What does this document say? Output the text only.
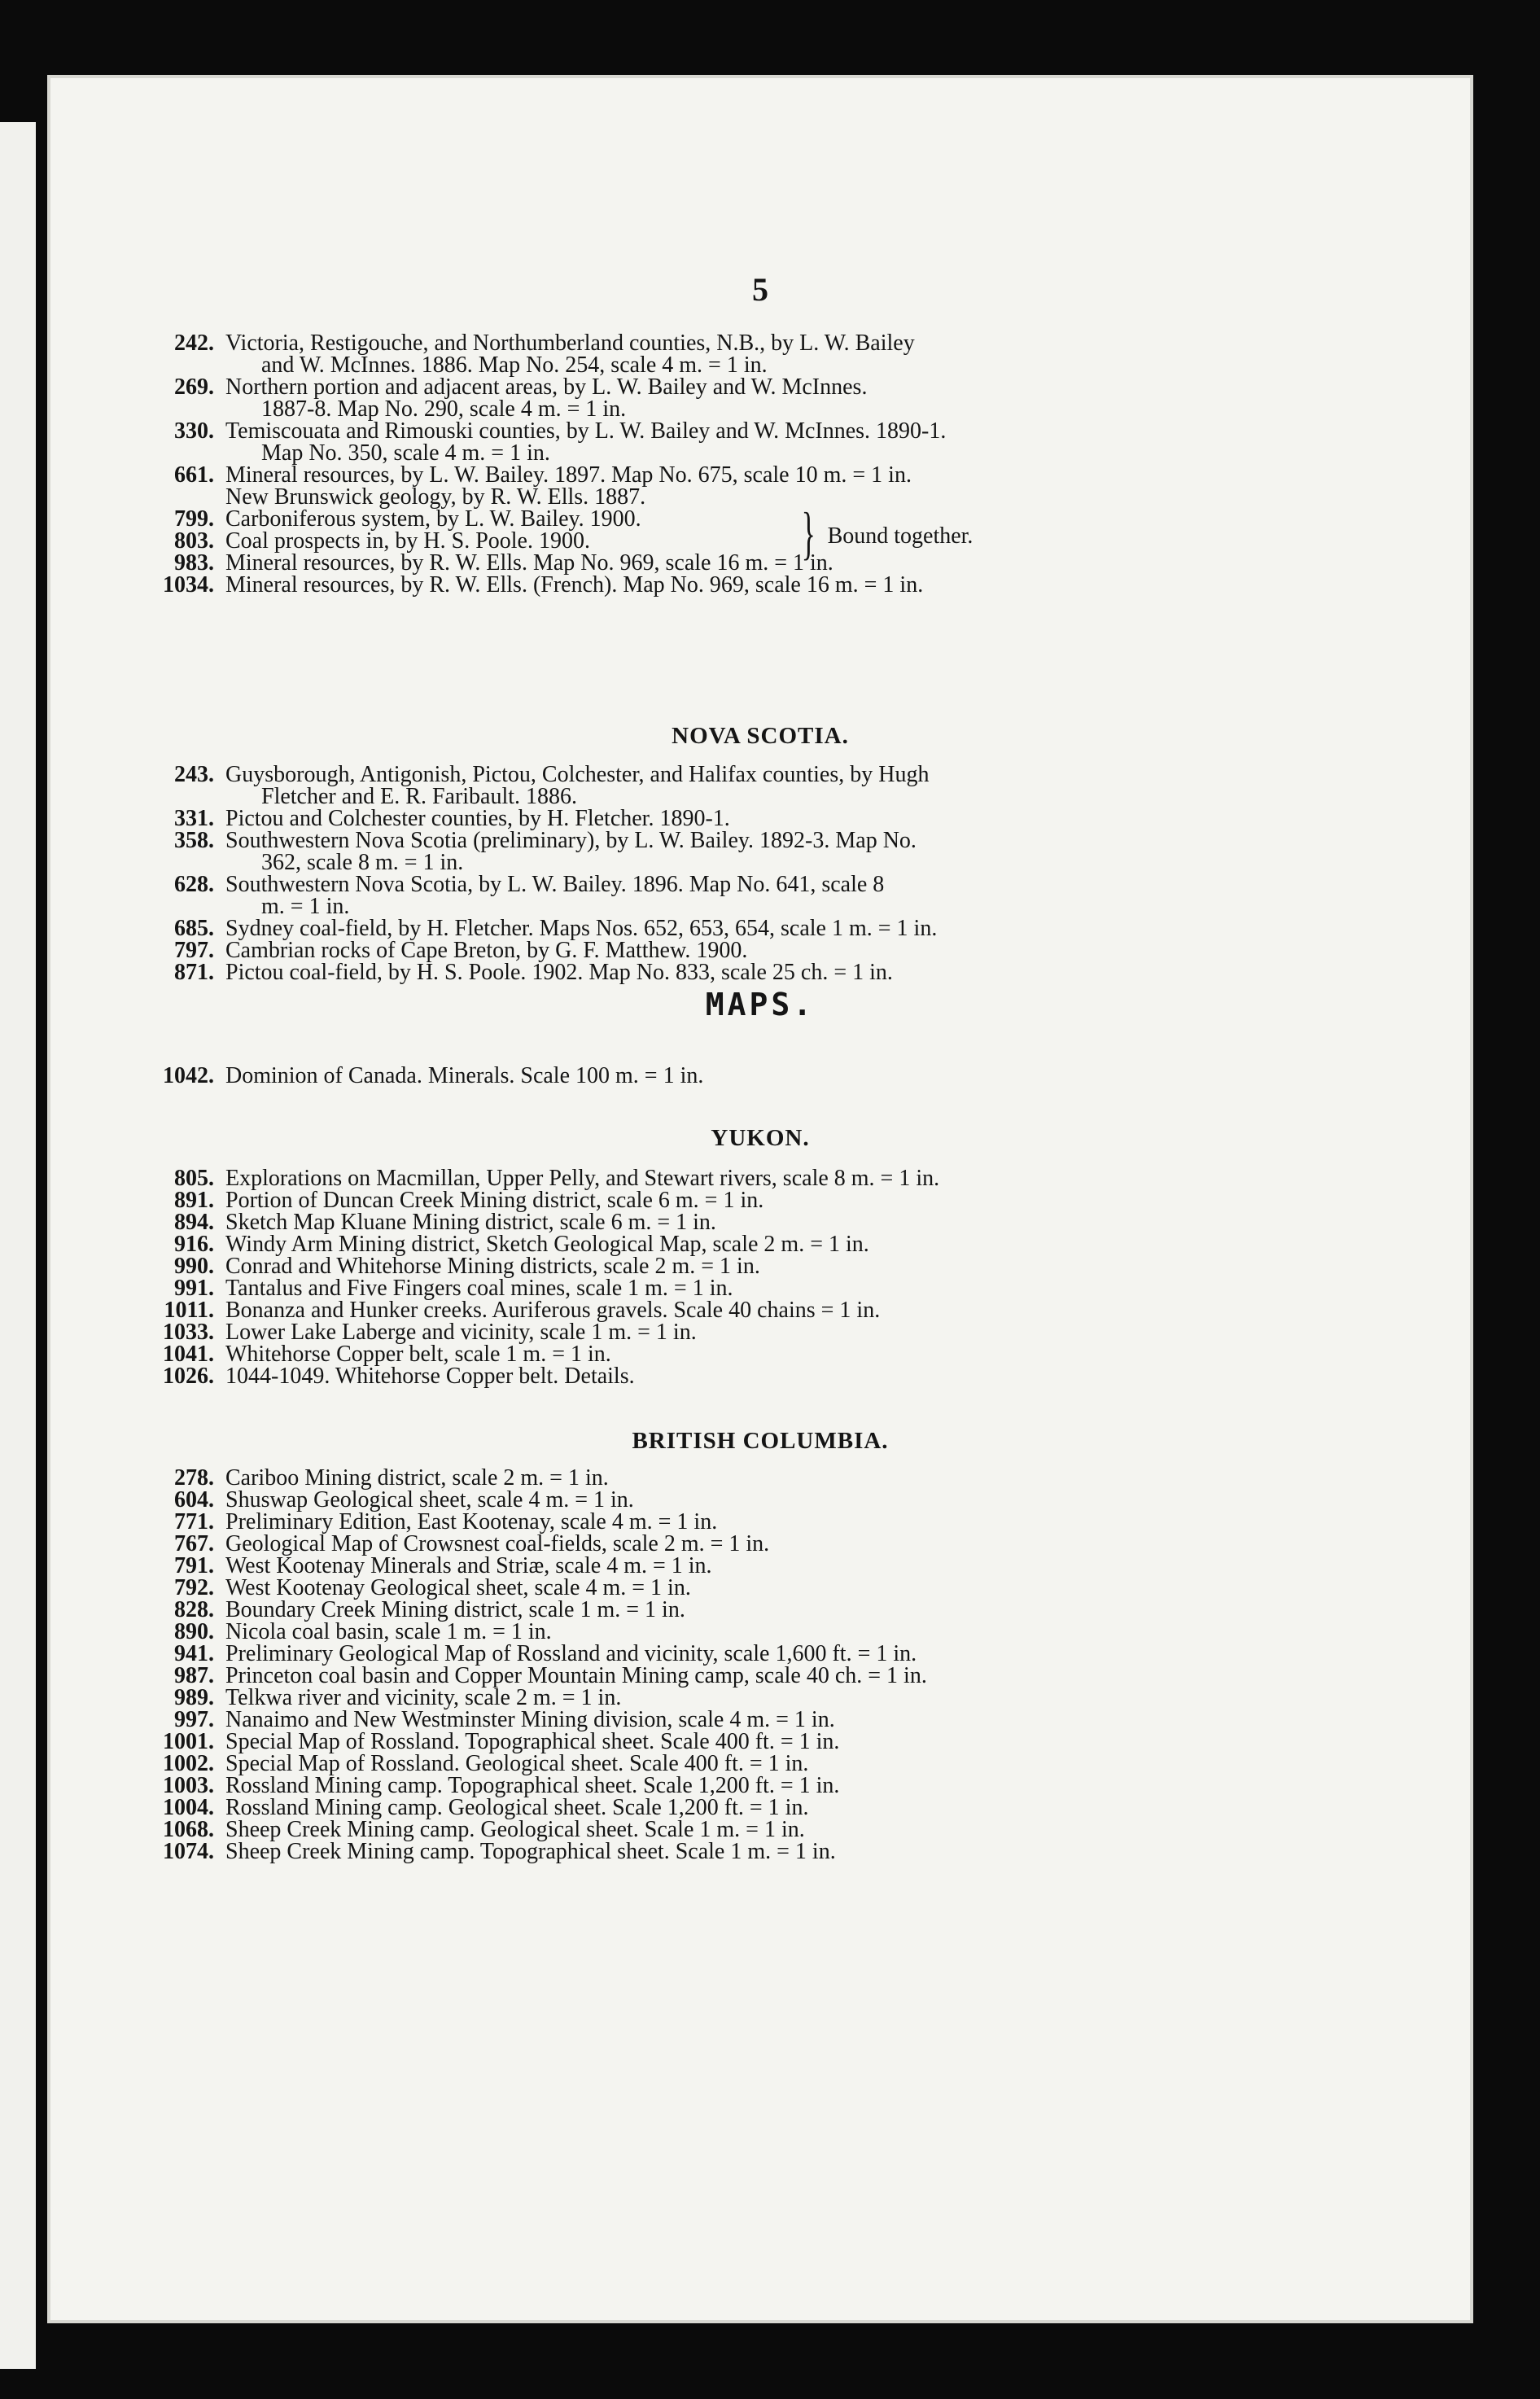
5
242. Victoria, Restigouche, and Northumberland counties, N.B., by L. W. Bailey
and W. McInnes. 1886. Map No. 254, scale 4 m. = 1 in.
269. Northern portion and adjacent areas, by L. W. Bailey and W. McInnes.
1887-8. Map No. 290, scale 4 m. = 1 in.
330. Temiscouata and Rimouski counties, by L. W. Bailey and W. McInnes. 1890-1.
Map No. 350, scale 4 m. = 1 in.
661. Mineral resources, by L. W. Bailey. 1897. Map No. 675, scale 10 m. = 1 in.
New Brunswick geology, by R. W. Ells. 1887.
799. Carboniferous system, by L. W. Bailey. 1900.
803. Coal prospects in, by H. S. Poole. 1900.
983. Mineral resources, by R. W. Ells. Map No. 969, scale 16 m. = 1 in.
1034. Mineral resources, by R. W. Ells. (French). Map No. 969, scale 16 m. = 1 in.
} Bound together.
NOVA SCOTIA.
243. Guysborough, Antigonish, Pictou, Colchester, and Halifax counties, by Hugh
Fletcher and E. R. Faribault. 1886.
331. Pictou and Colchester counties, by H. Fletcher. 1890-1.
358. Southwestern Nova Scotia (preliminary), by L. W. Bailey. 1892-3. Map No.
362, scale 8 m. = 1 in.
628. Southwestern Nova Scotia, by L. W. Bailey. 1896. Map No. 641, scale 8
m. = 1 in.
685. Sydney coal-field, by H. Fletcher. Maps Nos. 652, 653, 654, scale 1 m. = 1 in.
797. Cambrian rocks of Cape Breton, by G. F. Matthew. 1900.
871. Pictou coal-field, by H. S. Poole. 1902. Map No. 833, scale 25 ch. = 1 in.
MAPS.
1042. Dominion of Canada. Minerals. Scale 100 m. = 1 in.
YUKON.
805. Explorations on Macmillan, Upper Pelly, and Stewart rivers, scale 8 m. = 1 in.
891. Portion of Duncan Creek Mining district, scale 6 m. = 1 in.
894. Sketch Map Kluane Mining district, scale 6 m. = 1 in.
916. Windy Arm Mining district, Sketch Geological Map, scale 2 m. = 1 in.
990. Conrad and Whitehorse Mining districts, scale 2 m. = 1 in.
991. Tantalus and Five Fingers coal mines, scale 1 m. = 1 in.
1011. Bonanza and Hunker creeks. Auriferous gravels. Scale 40 chains = 1 in.
1033. Lower Lake Laberge and vicinity, scale 1 m. = 1 in.
1041. Whitehorse Copper belt, scale 1 m. = 1 in.
1026. 1044-1049. Whitehorse Copper belt. Details.
BRITISH COLUMBIA.
278. Cariboo Mining district, scale 2 m. = 1 in.
604. Shuswap Geological sheet, scale 4 m. = 1 in.
771. Preliminary Edition, East Kootenay, scale 4 m. = 1 in.
767. Geological Map of Crowsnest coal-fields, scale 2 m. = 1 in.
791. West Kootenay Minerals and Striæ, scale 4 m. = 1 in.
792. West Kootenay Geological sheet, scale 4 m. = 1 in.
828. Boundary Creek Mining district, scale 1 m. = 1 in.
890. Nicola coal basin, scale 1 m. = 1 in.
941. Preliminary Geological Map of Rossland and vicinity, scale 1,600 ft. = 1 in.
987. Princeton coal basin and Copper Mountain Mining camp, scale 40 ch. = 1 in.
989. Telkwa river and vicinity, scale 2 m. = 1 in.
997. Nanaimo and New Westminster Mining division, scale 4 m. = 1 in.
1001. Special Map of Rossland. Topographical sheet. Scale 400 ft. = 1 in.
1002. Special Map of Rossland. Geological sheet. Scale 400 ft. = 1 in.
1003. Rossland Mining camp. Topographical sheet. Scale 1,200 ft. = 1 in.
1004. Rossland Mining camp. Geological sheet. Scale 1,200 ft. = 1 in.
1068. Sheep Creek Mining camp. Geological sheet. Scale 1 m. = 1 in.
1074. Sheep Creek Mining camp. Topographical sheet. Scale 1 m. = 1 in.
